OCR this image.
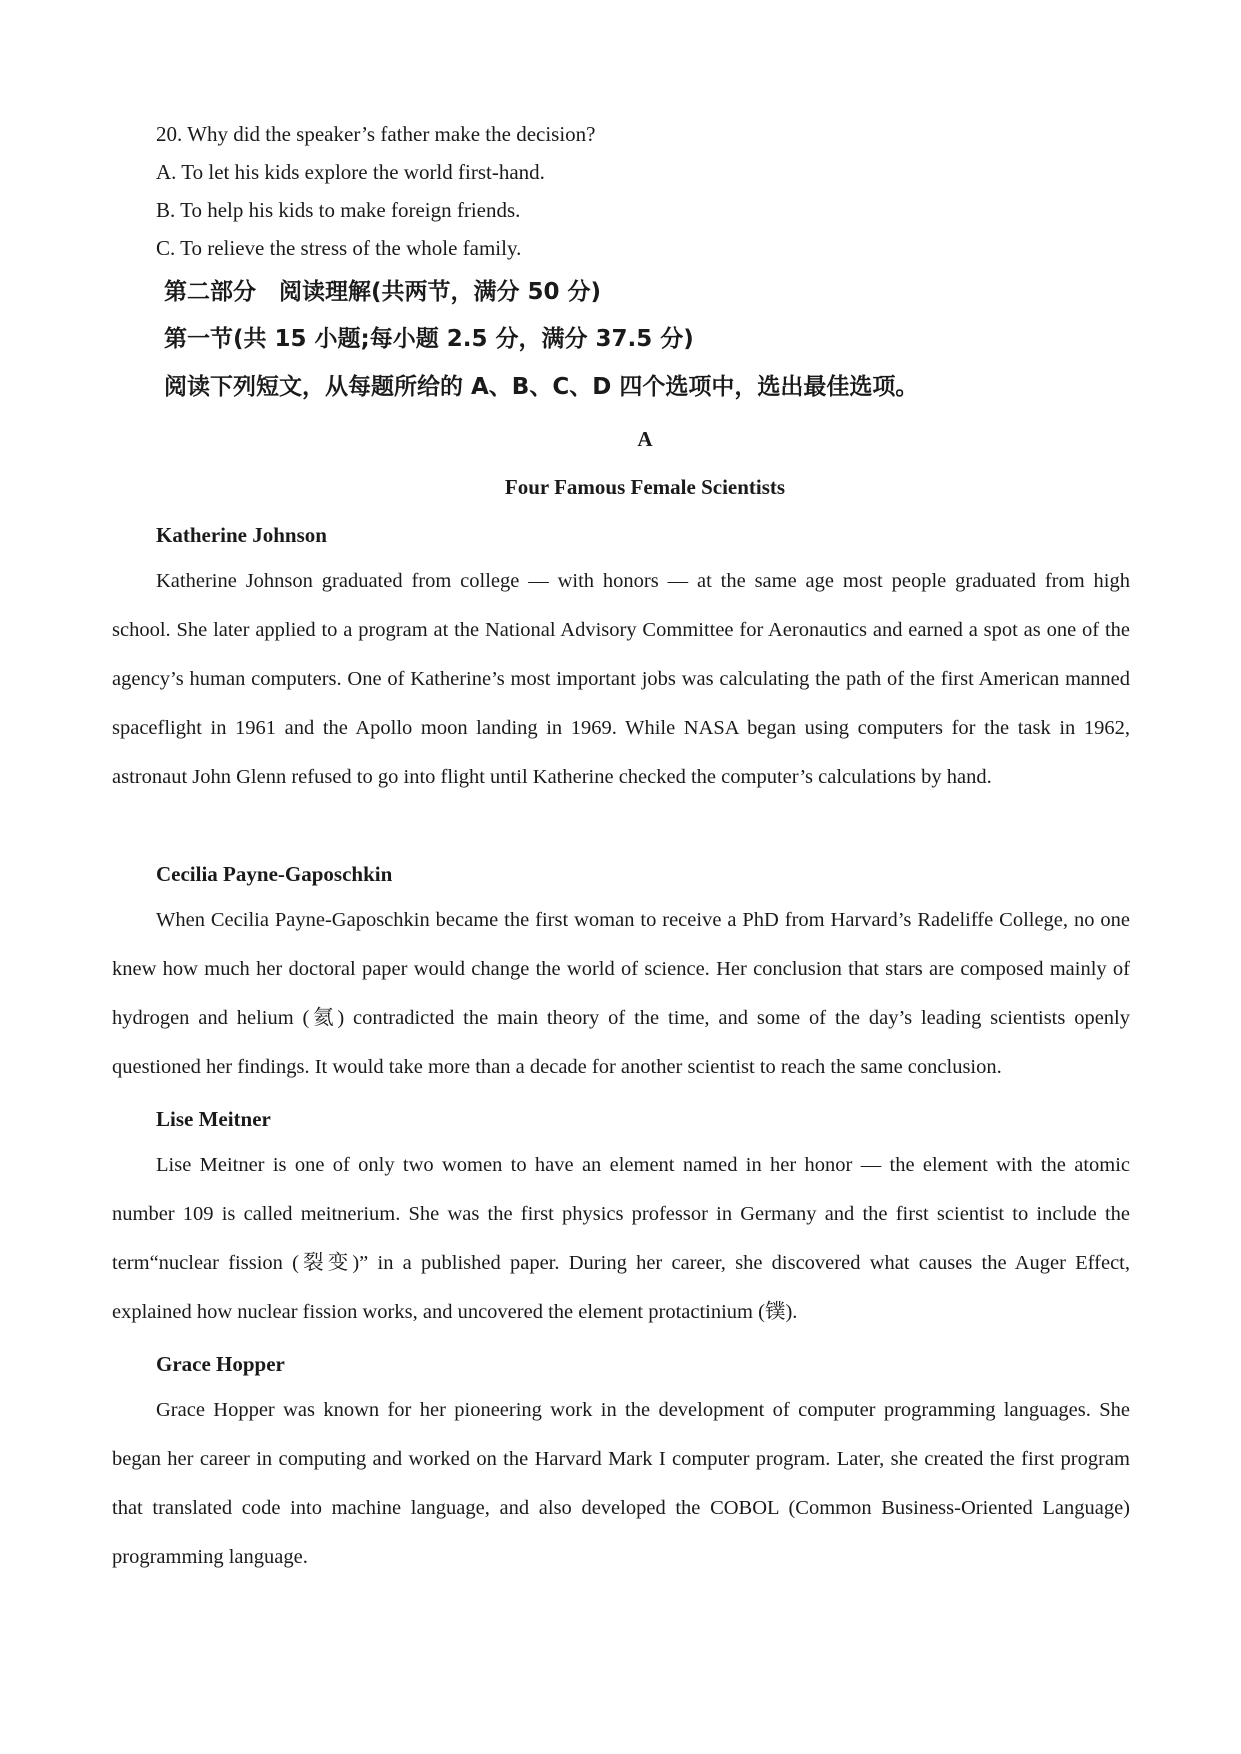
20. Why did the speaker’s father make the decision?
A. To let his kids explore the world first-hand.
B. To help his kids to make foreign friends.
C. To relieve the stress of the whole family.
第二部分　阅读理解(共两节，满分 50 分)
第一节(共 15 小题;每小题 2.5 分，满分 37.5 分)
阅读下列短文，从每题所给的 A、B、C、D 四个选项中，选出最佳选项。
A
Four Famous Female Scientists
Katherine Johnson

Katherine Johnson graduated from college — with honors — at the same age most people graduated from high school. She later applied to a program at the National Advisory Committee for Aeronautics and earned a spot as one of the agency’s human computers. One of Katherine’s most important jobs was calculating the path of the first American manned spaceflight in 1961 and the Apollo moon landing in 1969. While NASA began using computers for the task in 1962, astronaut John Glenn refused to go into flight until Katherine checked the computer’s calculations by hand.

Cecilia Payne-Gaposchkin

When Cecilia Payne-Gaposchkin became the first woman to receive a PhD from Harvard’s Radeliffe College, no one knew how much her doctoral paper would change the world of science. Her conclusion that stars are composed mainly of hydrogen and helium (氦) contradicted the main theory of the time, and some of the day’s leading scientists openly questioned her findings. It would take more than a decade for another scientist to reach the same conclusion.

Lise Meitner

Lise Meitner is one of only two women to have an element named in her honor — the element with the atomic number 109 is called meitnerium. She was the first physics professor in Germany and the first scientist to include the term“nuclear fission (裂变)” in a published paper. During her career, she discovered what causes the Auger Effect, explained how nuclear fission works, and uncovered the element protactinium (镤).

Grace Hopper

Grace Hopper was known for her pioneering work in the development of computer programming languages. She began her career in computing and worked on the Harvard Mark I computer program. Later, she created the first program that translated code into machine language, and also developed the COBOL (Common Business-Oriented Language) programming language.
